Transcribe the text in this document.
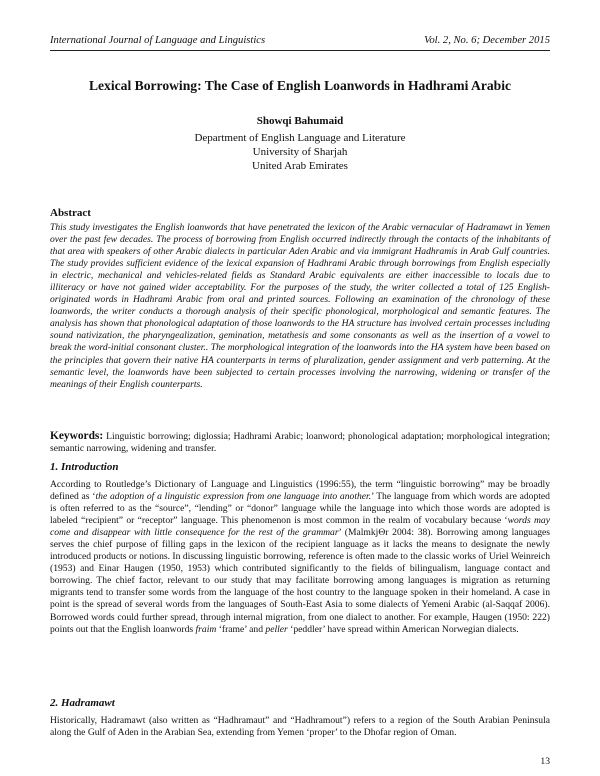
International Journal of Language and Linguistics	Vol. 2, No. 6; December 2015
Lexical Borrowing: The Case of English Loanwords in Hadhrami Arabic
Showqi Bahumaid
Department of English Language and Literature
University of Sharjah
United Arab Emirates
Abstract
This study investigates the English loanwords that have penetrated the lexicon of the Arabic vernacular of Hadramawt in Yemen over the past few decades. The process of borrowing from English occurred indirectly through the contacts of the inhabitants of that area with speakers of other Arabic dialects in particular Aden Arabic and via immigrant Hadhramis in Arab Gulf countries. The study provides sufficient evidence of the lexical expansion of Hadhrami Arabic through borrowings from English especially in electric, mechanical and vehicles-related fields as Standard Arabic equivalents are either inaccessible to locals due to illiteracy or have not gained wider acceptability. For the purposes of the study, the writer collected a total of 125 English-originated words in Hadhrami Arabic from oral and printed sources. Following an examination of the chronology of these loanwords, the writer conducts a thorough analysis of their specific phonological, morphological and semantic features. The analysis has shown that phonological adaptation of those loanwords to the HA structure has involved certain processes including sound nativization, the pharyngealization, gemination, metathesis and some consonants as well as the insertion of a vowel to break the word-initial consonant cluster.. The morphological integration of the loanwords into the HA system have been based on the principles that govern their native HA counterparts in terms of pluralization, gender assignment and verb patterning. At the semantic level, the loanwords have been subjected to certain processes involving the narrowing, widening or transfer of the meanings of their English counterparts.
Keywords: Linguistic borrowing; diglossia; Hadhrami Arabic; loanword; phonological adaptation; morphological integration; semantic narrowing, widening and transfer.
1. Introduction
According to Routledge’s Dictionary of Language and Linguistics (1996:55), the term “linguistic borrowing” may be broadly defined as ‘the adoption of a linguistic expression from one language into another.’ The language from which words are adopted is often referred to as the “source”, “lending” or “donor” language while the language into which those words are adopted is labeled “recipient” or “receptor” language. This phenomenon is most common in the realm of vocabulary because ‘words may come and disappear with little consequence for the rest of the grammar’ (MalmkjΘr 2004: 38). Borrowing among languages serves the chief purpose of filling gaps in the lexicon of the recipient language as it lacks the means to designate the newly introduced products or notions. In discussing linguistic borrowing, reference is often made to the classic works of Uriel Weinreich (1953) and Einar Haugen (1950, 1953) which contributed significantly to the fields of bilingualism, language contact and borrowing. The chief factor, relevant to our study that may facilitate borrowing among languages is migration as returning migrants tend to transfer some words from the language of the host country to the language spoken in their homeland. A case in point is the spread of several words from the languages of South-East Asia to some dialects of Yemeni Arabic (al-Saqqaf 2006). Borrowed words could further spread, through internal migration, from one dialect to another. For example, Haugen (1950: 222) points out that the English loanwords fraim ‘frame’ and peller ‘peddler’ have spread within American Norwegian dialects.
2. Hadramawt
Historically, Hadramawt (also written as “Hadhramaut” and “Hadhramout”) refers to a region of the South Arabian Peninsula along the Gulf of Aden in the Arabian Sea, extending from Yemen ‘proper’ to the Dhofar region of Oman.
13
